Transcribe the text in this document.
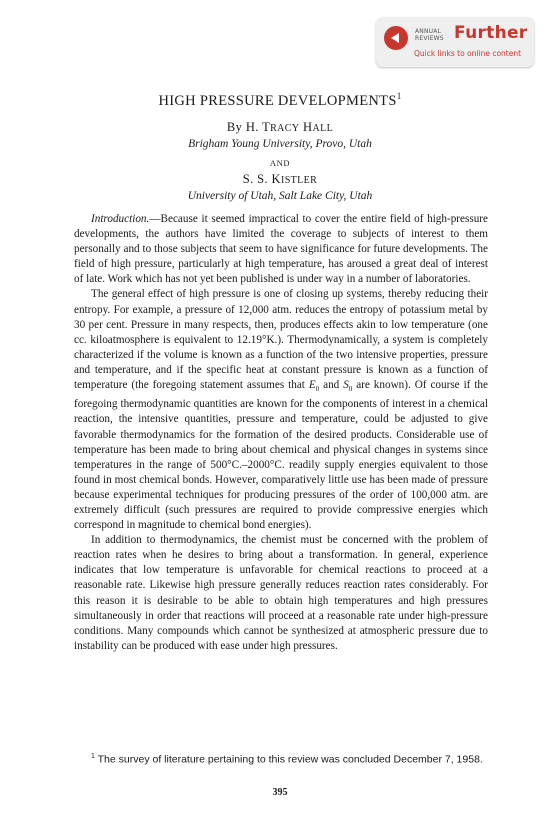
ANNUAL
REVIEWS Further
Quick links to online content
HIGH PRESSURE DEVELOPMENTS$^1$
By H. TRACY HALL
Brigham Young University, Provo, Utah
AND
S. S. KISTLER
University of Utah, Salt Lake City, Utah

Introduction.—Because it seemed impractical to cover the entire field of high-pressure developments, the authors have limited the coverage to subjects of interest to them personally and to those subjects that seem to have significance for future developments. The field of high pressure, particularly at high temperature, has aroused a great deal of interest of late. Work which has not yet been published is under way in a number of laboratories.

The general effect of high pressure is one of closing up systems, thereby reducing their entropy. For example, a pressure of 12,000 atm. reduces the entropy of potassium metal by 30 per cent. Pressure in many respects, then, produces effects akin to low temperature (one cc. kiloatmosphere is equivalent to 12.19°K.). Thermodynamically, a system is completely characterized if the volume is known as a function of the two intensive properties, pressure and temperature, and if the specific heat at constant pressure is known as a function of temperature (the foregoing statement assumes that $E_0$ and $S_0$ are known). Of course if the foregoing thermodynamic quantities are known for the components of interest in a chemical reaction, the intensive quantities, pressure and temperature, could be adjusted to give favorable thermodynamics for the formation of the desired products. Considerable use of temperature has been made to bring about chemical and physical changes in systems since temperatures in the range of 500°C.–2000°C. readily supply energies equivalent to those found in most chemical bonds. However, comparatively little use has been made of pressure because experimental techniques for producing pressures of the order of 100,000 atm. are extremely difficult (such pressures are required to provide compressive energies which correspond in magnitude to chemical bond energies).

In addition to thermodynamics, the chemist must be concerned with the problem of reaction rates when he desires to bring about a transformation. In general, experience indicates that low temperature is unfavorable for chemical reactions to proceed at a reasonable rate. Likewise high pressure generally reduces reaction rates considerably. For this reason it is desirable to be able to obtain high temperatures and high pressures simultaneously in order that reactions will proceed at a reasonable rate under high-pressure conditions. Many compounds which cannot be synthesized at atmospheric pressure due to instability can be produced with ease under high pressures.

$^1$ The survey of literature pertaining to this review was concluded December 7, 1958.
395
